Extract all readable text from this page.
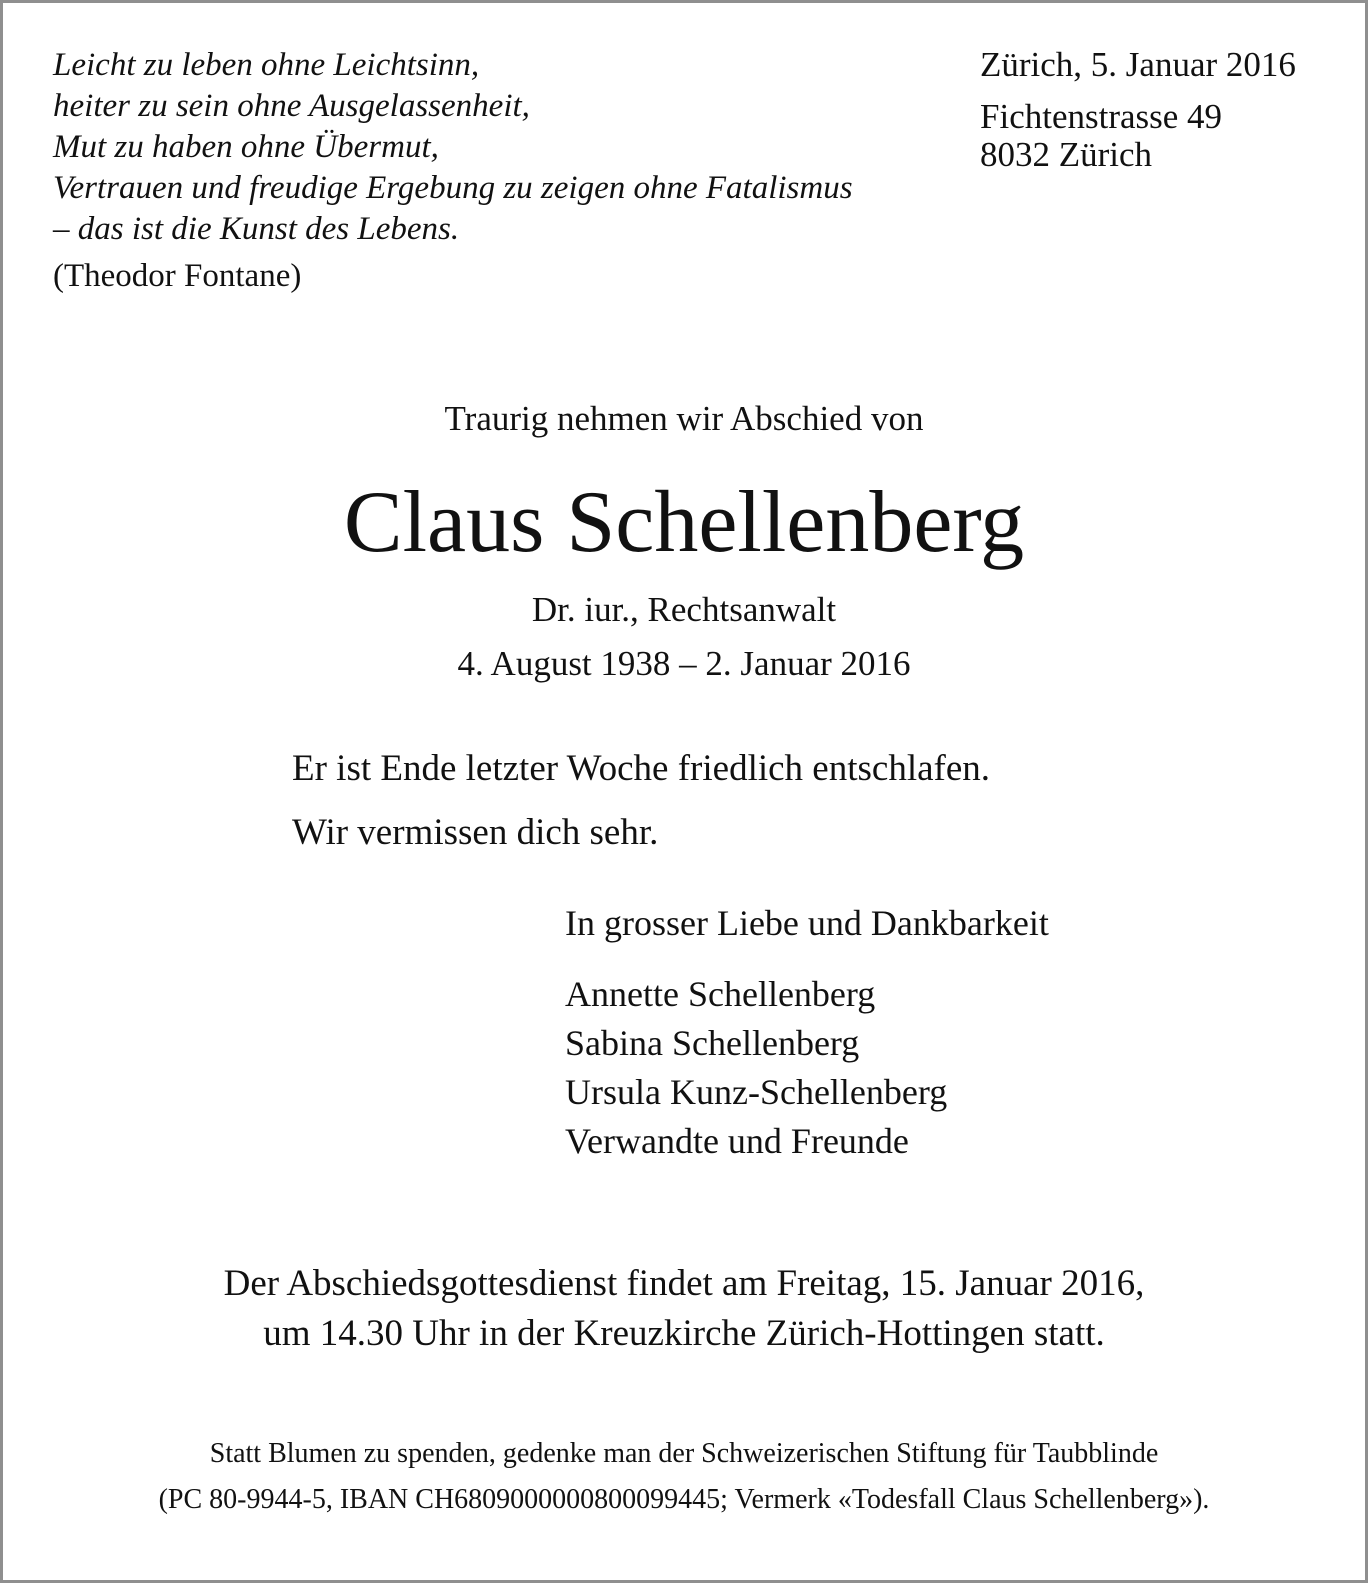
Leicht zu leben ohne Leichtsinn,
heiter zu sein ohne Ausgelassenheit,
Mut zu haben ohne Übermut,
Vertrauen und freudige Ergebung zu zeigen ohne Fatalismus
– das ist die Kunst des Lebens.
(Theodor Fontane)
Zürich, 5. Januar 2016
Fichtenstrasse 49
8032 Zürich
Traurig nehmen wir Abschied von
Claus Schellenberg
Dr. iur., Rechtsanwalt
4. August 1938 – 2. Januar 2016
Er ist Ende letzter Woche friedlich entschlafen.
Wir vermissen dich sehr.
In grosser Liebe und Dankbarkeit
Annette Schellenberg
Sabina Schellenberg
Ursula Kunz-Schellenberg
Verwandte und Freunde
Der Abschiedsgottesdienst findet am Freitag, 15. Januar 2016,
um 14.30 Uhr in der Kreuzkirche Zürich-Hottingen statt.
Statt Blumen zu spenden, gedenke man der Schweizerischen Stiftung für Taubblinde
(PC 80-9944-5, IBAN CH6809000000800099445; Vermerk «Todesfall Claus Schellenberg»).
